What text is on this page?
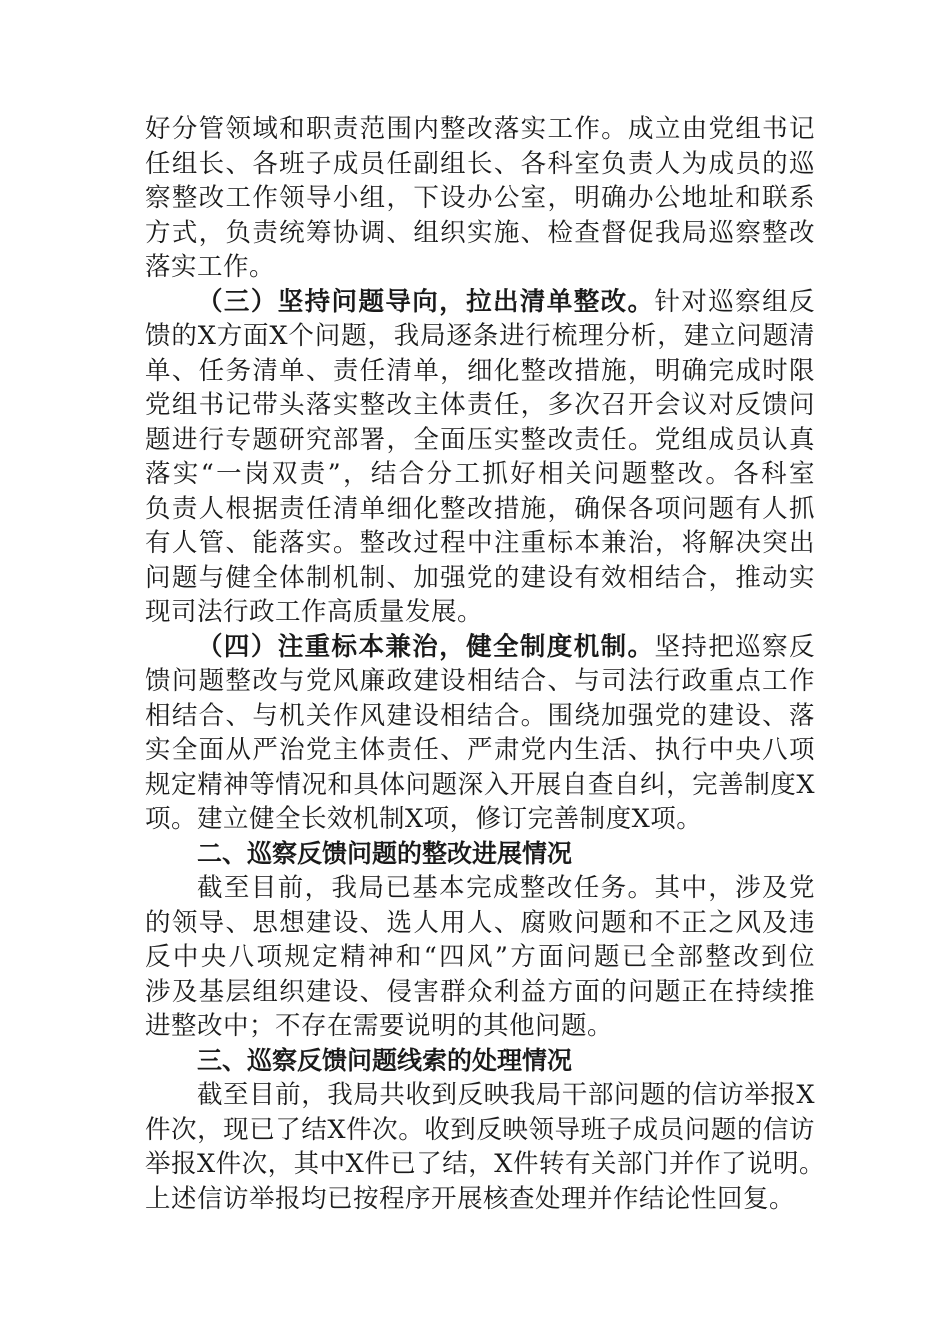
好分管领域和职责范围内整改落实工作。成立由党组书记
任组长、各班子成员任副组长、各科室负责人为成员的巡
察整改工作领导小组，下设办公室，明确办公地址和联系
方式，负责统筹协调、组织实施、检查督促我局巡察整改
落实工作。
（三）坚持问题导向，拉出清单整改。针对巡察组反
馈的X方面X个问题，我局逐条进行梳理分析，建立问题清
单、任务清单、责任清单，细化整改措施，明确完成时限
党组书记带头落实整改主体责任，多次召开会议对反馈问
题进行专题研究部署，全面压实整改责任。党组成员认真
落实“一岗双责”，结合分工抓好相关问题整改。各科室
负责人根据责任清单细化整改措施，确保各项问题有人抓
有人管、能落实。整改过程中注重标本兼治，将解决突出
问题与健全体制机制、加强党的建设有效相结合，推动实
现司法行政工作高质量发展。
（四）注重标本兼治，健全制度机制。坚持把巡察反
馈问题整改与党风廉政建设相结合、与司法行政重点工作
相结合、与机关作风建设相结合。围绕加强党的建设、落
实全面从严治党主体责任、严肃党内生活、执行中央八项
规定精神等情况和具体问题深入开展自查自纠，完善制度X
项。建立健全长效机制X项，修订完善制度X项。
二、巡察反馈问题的整改进展情况
截至目前，我局已基本完成整改任务。其中，涉及党
的领导、思想建设、选人用人、腐败问题和不正之风及违
反中央八项规定精神和“四风”方面问题已全部整改到位
涉及基层组织建设、侵害群众利益方面的问题正在持续推
进整改中；不存在需要说明的其他问题。
三、巡察反馈问题线索的处理情况
截至目前，我局共收到反映我局干部问题的信访举报X
件次，现已了结X件次。收到反映领导班子成员问题的信访
举报X件次，其中X件已了结，X件转有关部门并作了说明。
上述信访举报均已按程序开展核查处理并作结论性回复。
